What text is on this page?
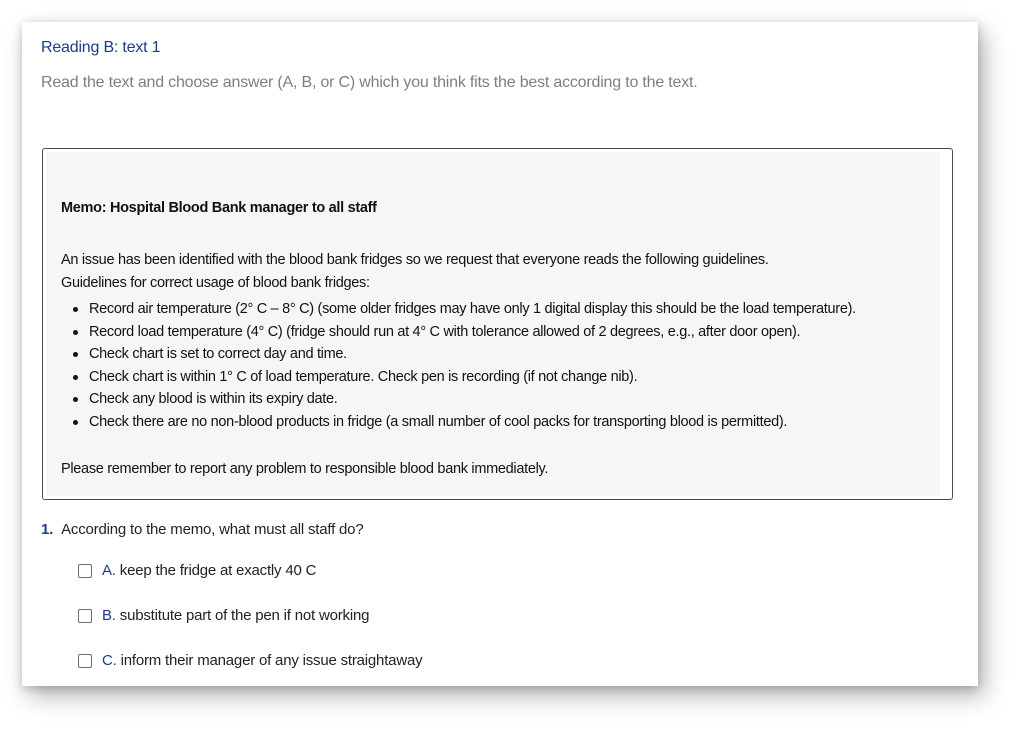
Reading B: text 1
Read the text and choose answer (A, B, or C) which you think fits the best according to the text.
Memo: Hospital Blood Bank manager to all staff
An issue has been identified with the blood bank fridges so we request that everyone reads the following guidelines.
Guidelines for correct usage of blood bank fridges:
Record air temperature (2° C – 8° C) (some older fridges may have only 1 digital display this should be the load temperature).
Record load temperature (4° C) (fridge should run at 4° C with tolerance allowed of 2 degrees, e.g., after door open).
Check chart is set to correct day and time.
Check chart is within 1° C of load temperature. Check pen is recording (if not change nib).
Check any blood is within its expiry date.
Check there are no non-blood products in fridge (a small number of cool packs for transporting blood is permitted).
Please remember to report any problem to responsible blood bank immediately.
1. According to the memo, what must all staff do?
A. keep the fridge at exactly 40 C
B. substitute part of the pen if not working
C. inform their manager of any issue straightaway
